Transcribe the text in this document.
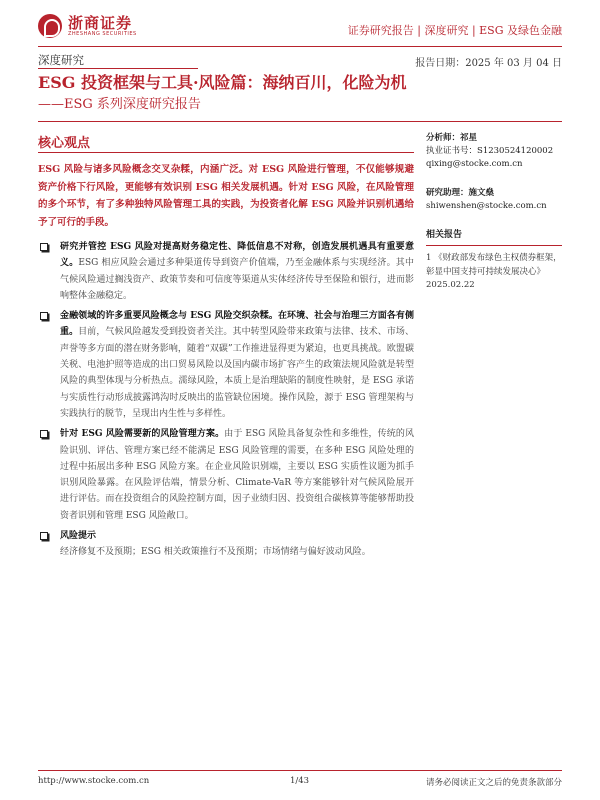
浙商证券
ZHESHANG SECURITIES	证券研究报告 | 深度研究 | ESG 及绿色金融
深度研究	报告日期：2025 年 03 月 04 日
ESG 投资框架与工具·风险篇：海纳百川，化险为机
——ESG 系列深度研究报告
核心观点
ESG 风险与诸多风险概念交叉杂糅，内涵广泛。对 ESG 风险进行管理，不仅能够规避资产价格下行风险，更能够有效识别 ESG 相关发展机遇。针对 ESG 风险，在风险管理的多个环节，有了多种独特风险管理工具的实践，为投资者化解 ESG 风险并识别机遇给予了可行的手段。
研究并管控 ESG 风险对提高财务稳定性、降低信息不对称，创造发展机遇具有重要意义。ESG 相应风险会通过多种渠道传导到资产价值端，乃至金融体系与实现经济。其中气候风险通过搁浅资产、政策节奏和可信度等渠道从实体经济传导至保险和银行，进而影响整体金融稳定。
金融领域的许多重要风险概念与 ESG 风险交织杂糅。在环境、社会与治理三方面各有侧重。目前，气候风险越发受到投资者关注。其中转型风险带来政策与法律、技术、市场、声誉等多方面的潜在财务影响，随着“双碳”工作推进显得更为紧迫，也更具挑战。欧盟碳关税、电池护照等造成的出口贸易风险以及国内碳市场扩容产生的政策法规风险就是转型风险的典型体现与分析热点。濡绿风险，本质上是治理缺陷的制度性映射，是 ESG 承诺与实质性行动形成披露鸿沟时反映出的监管缺位困境。操作风险，源于 ESG 管理架构与实践执行的脱节，呈现出内生性与多样性。
针对 ESG 风险需要新的风险管理方案。由于 ESG 风险具备复杂性和多维性，传统的风险识别、评估、管理方案已经不能满足 ESG 风险管理的需要，在多种 ESG 风险处理的过程中拓展出多种 ESG 风险方案。在企业风险识别端，主要以 ESG 实质性议题为抓手识别风险暴露。在风险评估端，情景分析、Climate-VaR 等方案能够针对气候风险展开进行评估。而在投资组合的风险控制方面，因子业绩归因、投资组合碳核算等能够帮助投资者识别和管理 ESG 风险敞口。
风险提示
经济修复不及预期；ESG 相关政策推行不及预期；市场情绪与偏好波动风险。
分析师：祁星
执业证书号：S1230524120002
qixing@stocke.com.cn
研究助理：施文燊
shiwenshen@stocke.com.cn
相关报告
1 《财政部发布绿色主权债券框架，彰显中国支持可持续发展决心》 2025.02.22
http://www.stocke.com.cn	1/43	请务必阅读正文之后的免责条款部分
